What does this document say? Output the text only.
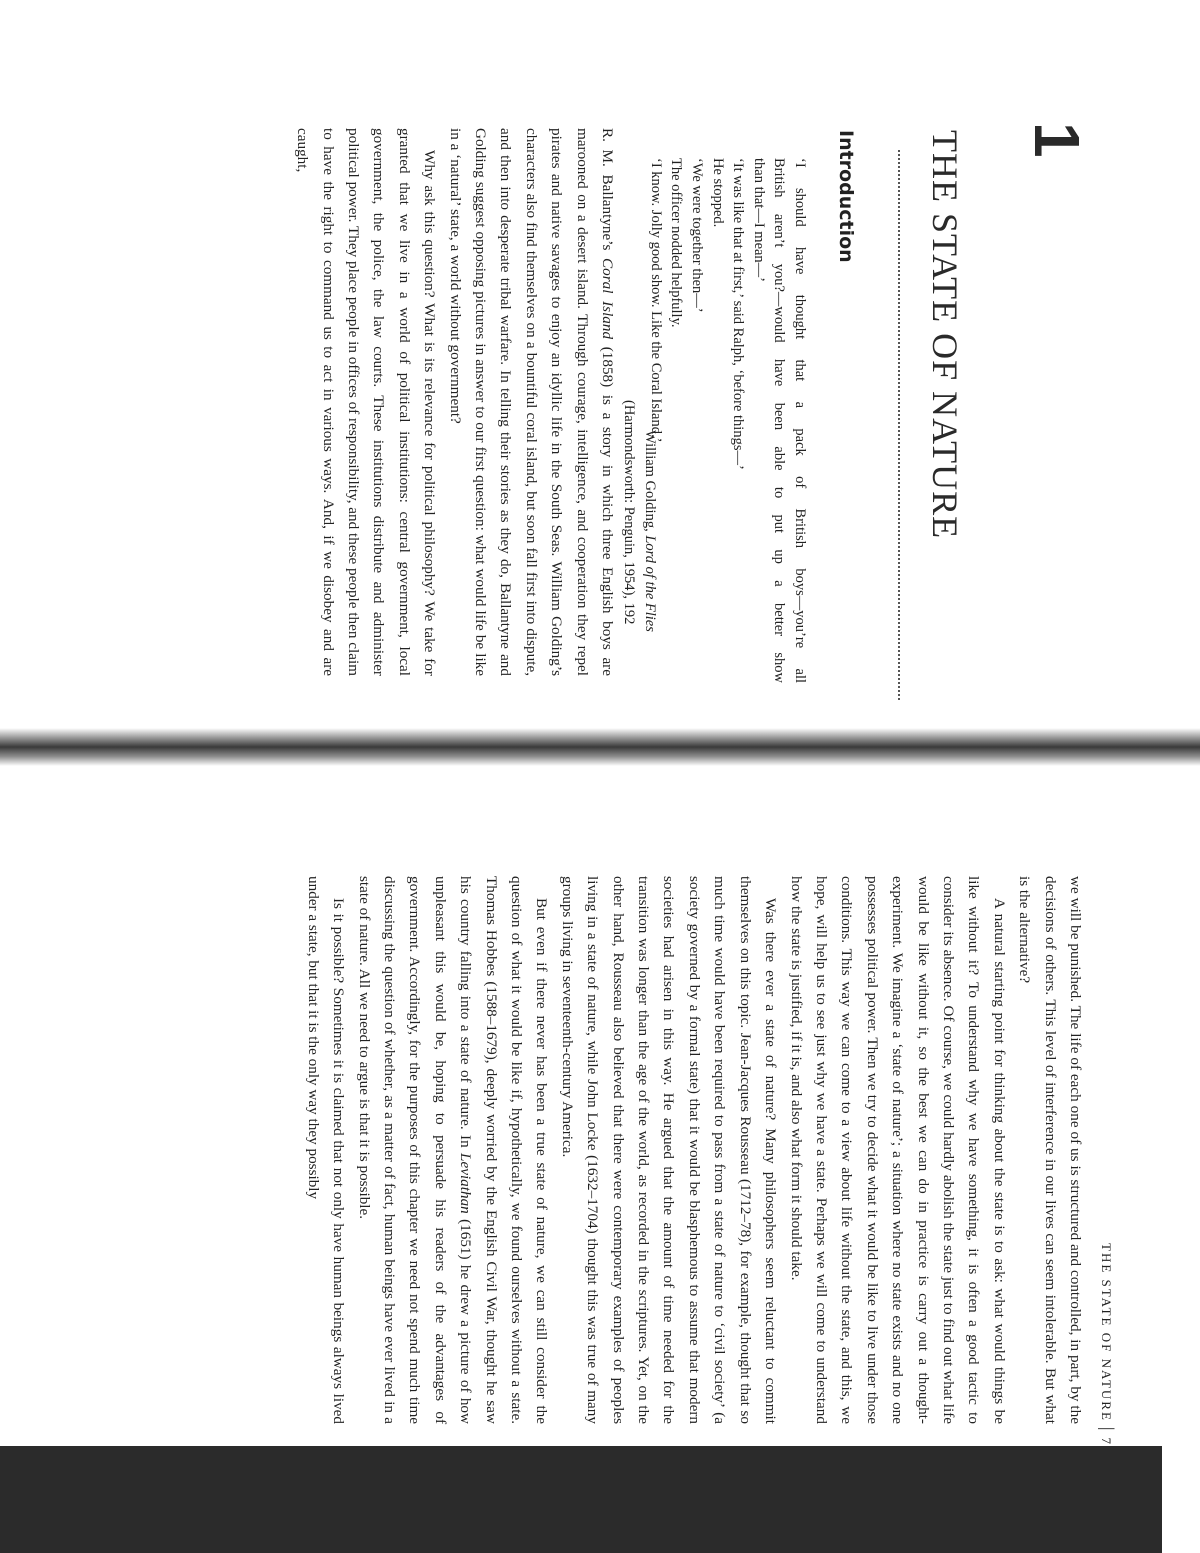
1
THE STATE OF NATURE
Introduction

‘I should have thought that a pack of British boys—you’re all

British aren’t you?—would have been able to put up a better show

than that—I mean—’

‘It was like that at first,’ said Ralph, ‘before things—’

He stopped.

‘We were together then—’

The officer nodded helpfully.

‘I know. Jolly good show. Like the Coral Island.’

William Golding, Lord of the Flies

(Harmondsworth: Penguin, 1954), 192

R. M. Ballantyne’s Coral Island (1858) is a story in which three English boys are marooned on a desert island. Through courage, intelligence, and cooperation they repel pirates and native savages to enjoy an idyllic life in the South Seas. William Golding’s characters also find themselves on a bountiful coral island, but soon fall first into dispute, and then into desperate tribal warfare. In telling their stories as they do, Ballantyne and Golding suggest opposing pictures in answer to our first question: what would life be like in a ‘natural’ state, a world without government?

Why ask this question? What is its relevance for political philosophy? We take for granted that we live in a world of political institutions: central government, local government, the police, the law courts. These institutions distribute and administer political power. They place people in offices of responsibility, and these people then claim to have the right to command us to act in various ways. And, if we disobey and are caught,

THE STATE OF NATURE|7

we will be punished. The life of each one of us is structured and controlled, in part, by the decisions of others. This level of interference in our lives can seem intolerable. But what is the alternative?

A natural starting point for thinking about the state is to ask: what would things be like without it? To understand why we have something, it is often a good tactic to consider its absence. Of course, we could hardly abolish the state just to find out what life would be like without it, so the best we can do in practice is carry out a thought-experiment. We imagine a ‘state of nature’; a situation where no state exists and no one possesses political power. Then we try to decide what it would be like to live under those conditions. This way we can come to a view about life without the state, and this, we hope, will help us to see just why we have a state. Perhaps we will come to understand how the state is justified, if it is, and also what form it should take.

Was there ever a state of nature? Many philosophers seem reluctant to commit themselves on this topic. Jean-Jacques Rousseau (1712–78), for example, thought that so much time would have been required to pass from a state of nature to ‘civil society’ (a society governed by a formal state) that it would be blasphemous to assume that modern societies had arisen in this way. He argued that the amount of time needed for the transition was longer than the age of the world, as recorded in the scriptures. Yet, on the other hand, Rousseau also believed that there were contemporary examples of peoples living in a state of nature, while John Locke (1632–1704) thought this was true of many groups living in seventeenth-century America.

But even if there never has been a true state of nature, we can still consider the question of what it would be like if, hypothetically, we found ourselves without a state. Thomas Hobbes (1588–1679), deeply worried by the English Civil War, thought he saw his country falling into a state of nature. In Leviathan (1651) he drew a picture of how unpleasant this would be, hoping to persuade his readers of the advantages of government. Accordingly, for the purposes of this chapter we need not spend much time discussing the question of whether, as a matter of fact, human beings have ever lived in a state of nature. All we need to argue is that it is possible.

Is it possible? Sometimes it is claimed that not only have human beings always lived under a state, but that it is the only way they possibly
